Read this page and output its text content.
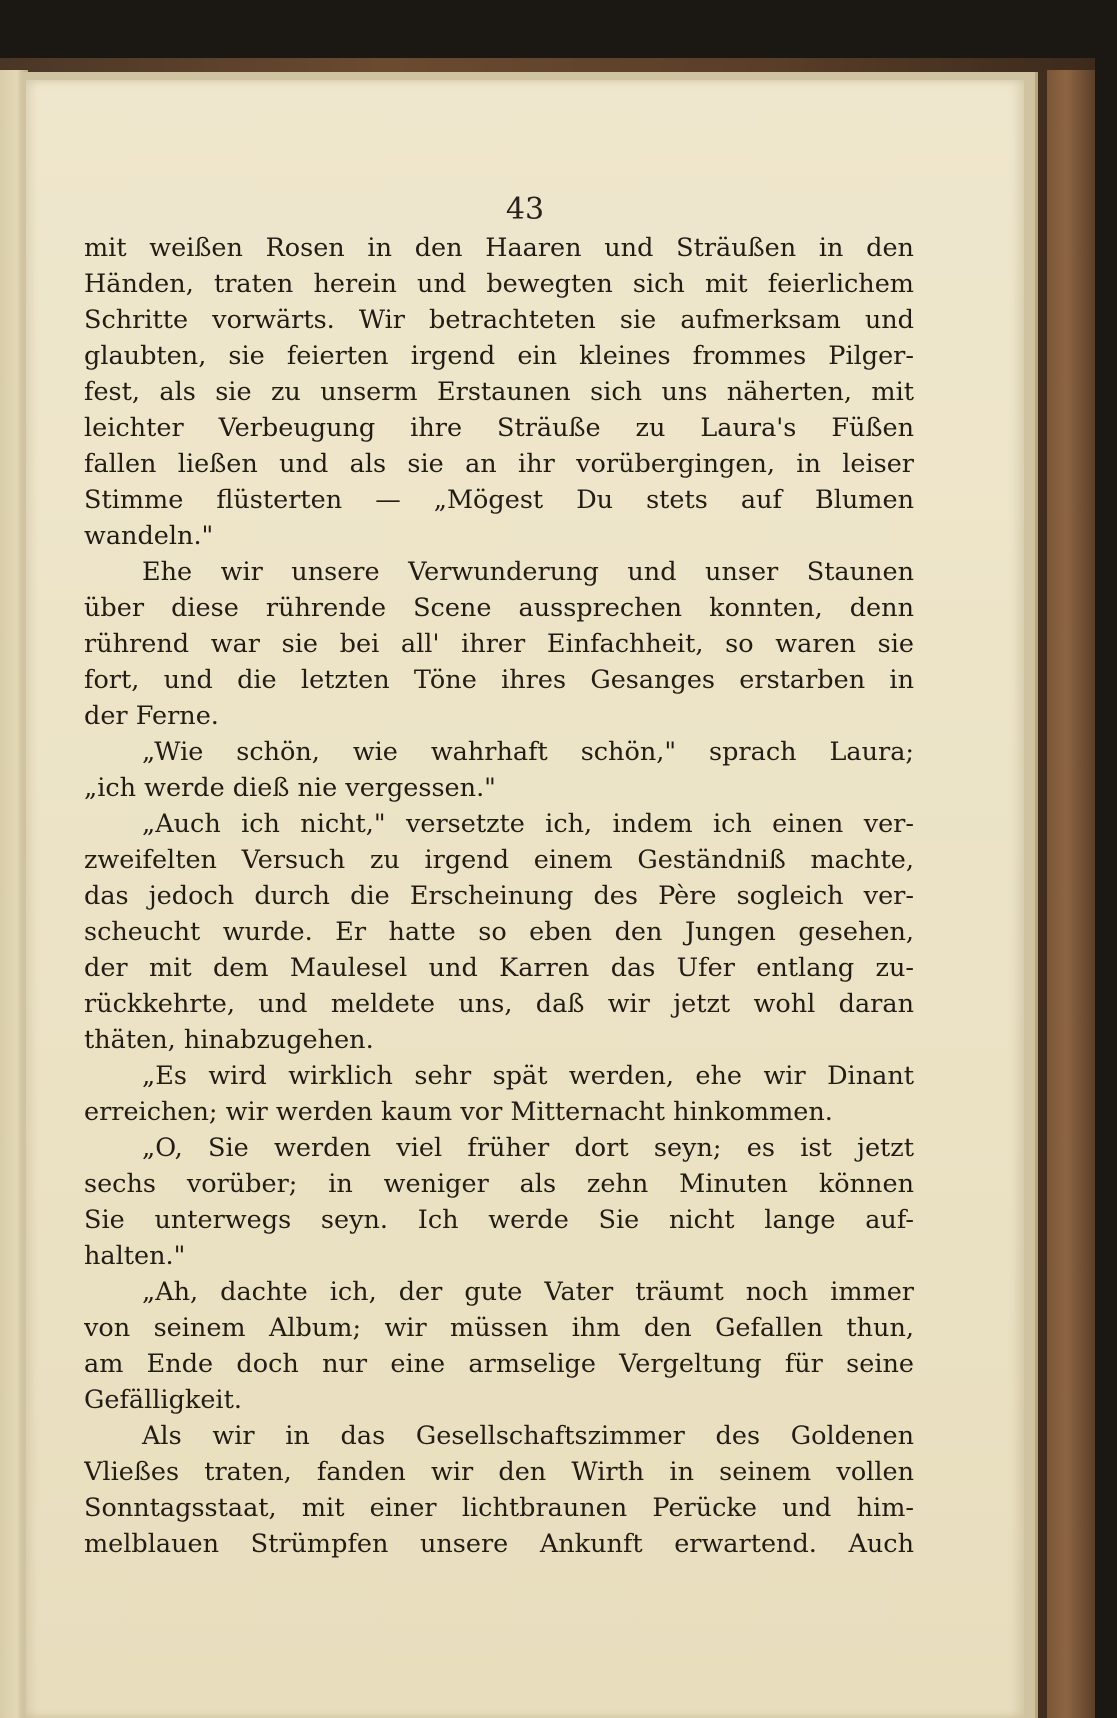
43
mit weißen Rosen in den Haaren und Sträußen in den
Händen, traten herein und bewegten sich mit feierlichem
Schritte vorwärts. Wir betrachteten sie aufmerksam und
glaubten, sie feierten irgend ein kleines frommes Pilger-
fest, als sie zu unserm Erstaunen sich uns näherten, mit
leichter Verbeugung ihre Sträuße zu Laura's Füßen
fallen ließen und als sie an ihr vorübergingen, in leiser
Stimme flüsterten — „Mögest Du stets auf Blumen
wandeln."
Ehe wir unsere Verwunderung und unser Staunen
über diese rührende Scene aussprechen konnten, denn
rührend war sie bei all' ihrer Einfachheit, so waren sie
fort, und die letzten Töne ihres Gesanges erstarben in
der Ferne.
„Wie schön, wie wahrhaft schön," sprach Laura;
„ich werde dieß nie vergessen."
„Auch ich nicht," versetzte ich, indem ich einen ver-
zweifelten Versuch zu irgend einem Geständniß machte,
das jedoch durch die Erscheinung des Père sogleich ver-
scheucht wurde. Er hatte so eben den Jungen gesehen,
der mit dem Maulesel und Karren das Ufer entlang zu-
rückkehrte, und meldete uns, daß wir jetzt wohl daran
thäten, hinabzugehen.
„Es wird wirklich sehr spät werden, ehe wir Dinant
erreichen; wir werden kaum vor Mitternacht hinkommen.
„O, Sie werden viel früher dort seyn; es ist jetzt
sechs vorüber; in weniger als zehn Minuten können
Sie unterwegs seyn. Ich werde Sie nicht lange auf-
halten."
„Ah, dachte ich, der gute Vater träumt noch immer
von seinem Album; wir müssen ihm den Gefallen thun,
am Ende doch nur eine armselige Vergeltung für seine
Gefälligkeit.
Als wir in das Gesellschaftszimmer des Goldenen
Vließes traten, fanden wir den Wirth in seinem vollen
Sonntagsstaat, mit einer lichtbraunen Perücke und him-
melblauen Strümpfen unsere Ankunft erwartend. Auch
